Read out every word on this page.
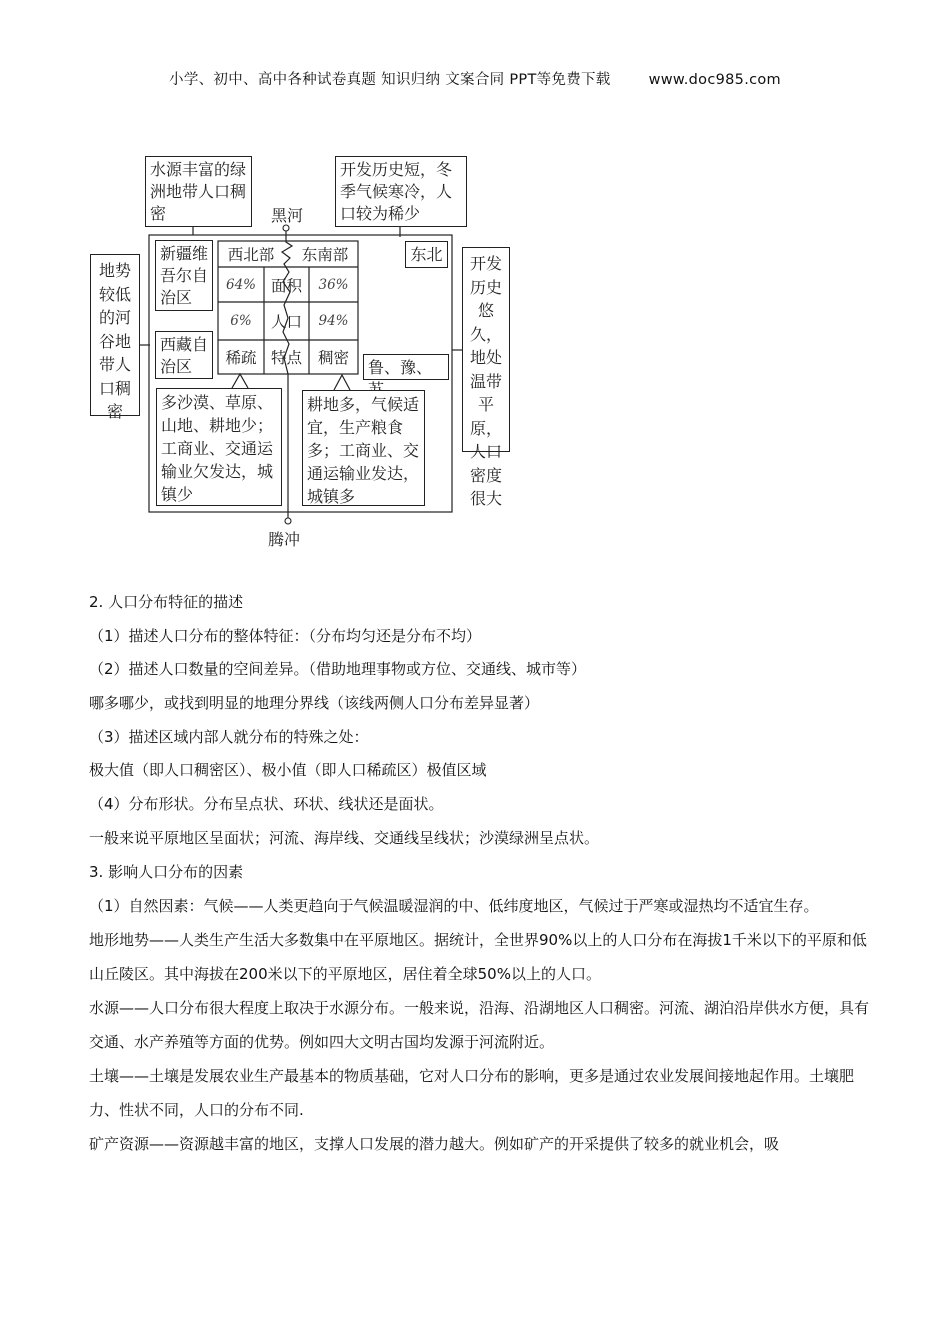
小学、初中、高中各种试卷真题 知识归纳 文案合同 PPT等免费下载	www.doc985.com
水源丰富的绿洲地带人口稠密
开发历史短，冬季气候寒冷，人口较为稀少
地势较低的河谷地带人口稠密
开发历史悠久，地处温带平原，人口密度很大
黑河
腾冲
新疆维吾尔自治区
西藏自治区
东北
鲁、豫、
西北部	东南部
64% 面积	36%
6%	人口	94%
稀疏 特点	稠密
多沙漠、草原、山地、耕地少；工商业、交通运输业欠发达，城镇少
耕地多，气候适宜，生产粮食多；工商业、交通运输业发达，城镇多

2. 人口分布特征的描述

（1）描述人口分布的整体特征：（分布均匀还是分布不均）

（2）描述人口数量的空间差异。（借助地理事物或方位、交通线、城市等）

哪多哪少，或找到明显的地理分界线（该线两侧人口分布差异显著）

（3）描述区域内部人就分布的特殊之处：

极大值（即人口稠密区）、极小值（即人口稀疏区）极值区域

（4）分布形状。分布呈点状、环状、线状还是面状。

一般来说平原地区呈面状；河流、海岸线、交通线呈线状；沙漠绿洲呈点状。

3. 影响人口分布的因素

（1）自然因素：气候——人类更趋向于气候温暖湿润的中、低纬度地区，气候过于严寒或湿热均不适宜生存。

地形地势——人类生产生活大多数集中在平原地区。据统计，全世界90%以上的人口分布在海拔1千米以下的平原和低山丘陵区。其中海拔在200米以下的平原地区，居住着全球50%以上的人口。

水源——人口分布很大程度上取决于水源分布。一般来说，沿海、沿湖地区人口稠密。河流、湖泊沿岸供水方便，具有交通、水产养殖等方面的优势。例如四大文明古国均发源于河流附近。

土壤——土壤是发展农业生产最基本的物质基础，它对人口分布的影响，更多是通过农业发展间接地起作用。土壤肥力、性状不同，人口的分布不同.

矿产资源——资源越丰富的地区，支撑人口发展的潜力越大。例如矿产的开采提供了较多的就业机会，吸
